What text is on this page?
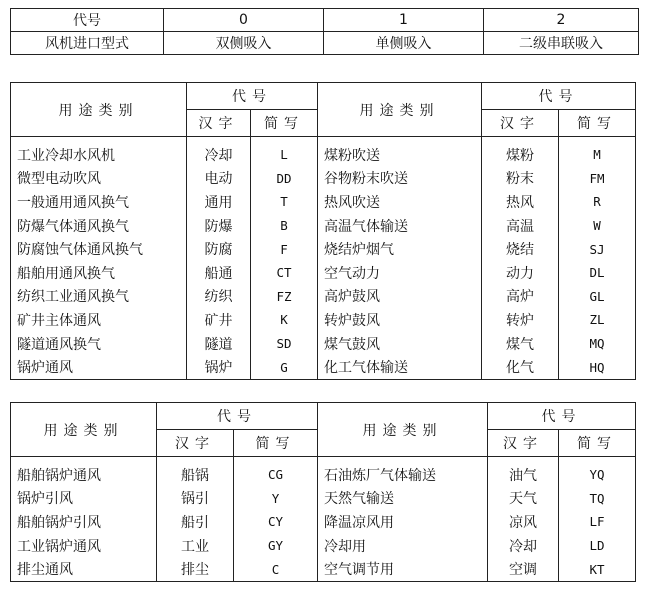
代号	0	1	2
风机进口型式	双侧吸入	单侧吸入	二级串联吸入
用途类别	代号		用途类别	代号	
	汉字	简写		汉字	简写
工业冷却水风机	冷却	L	煤粉吹送	煤粉	M
微型电动吹风	电动	DD	谷物粉末吹送	粉末	FM
一般通用通风换气	通用	T	热风吹送	热风	R
防爆气体通风换气	防爆	B	高温气体输送	高温	W
防腐蚀气体通风换气	防腐	F	烧结炉烟气	烧结	SJ
船舶用通风换气	船通	CT	空气动力	动力	DL
纺织工业通风换气	纺织	FZ	高炉鼓风	高炉	GL
矿井主体通风	矿井	K	转炉鼓风	转炉	ZL
隧道通风换气	隧道	SD	煤气鼓风	煤气	MQ
锅炉通风	锅炉	G	化工气体输送	化气	HQ
用途类别	代号		用途类别	代号	
	汉字	简写		汉字	简写
船舶锅炉通风	船锅	CG	石油炼厂气体输送	油气	YQ
锅炉引风	锅引	Y	天然气输送	天气	TQ
船舶锅炉引风	船引	CY	降温凉风用	凉风	LF
工业锅炉通风	工业	GY	冷却用	冷却	LD
排尘通风	排尘	C	空气调节用	空调	KT
